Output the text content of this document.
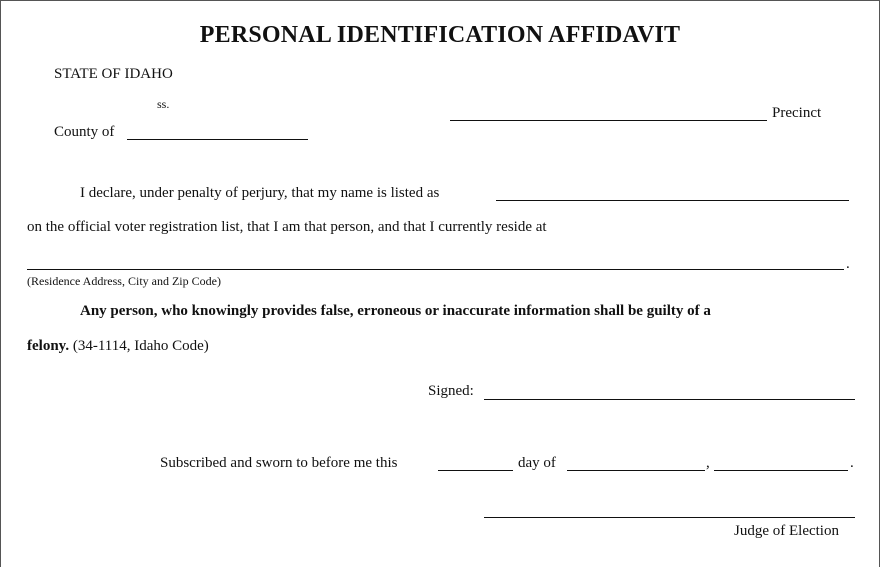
PERSONAL IDENTIFICATION AFFIDAVIT
STATE OF IDAHO
ss.
County of
Precinct
I declare, under penalty of perjury, that my name is listed as
on the official voter registration list, that I am that person, and that I currently reside at
.
(Residence Address, City and Zip Code)
Any person, who knowingly provides false, erroneous or inaccurate information shall be guilty of a
felony. (34-1114, Idaho Code)
Signed:
Subscribed and sworn to before me this	day of	,	.
Judge of Election
